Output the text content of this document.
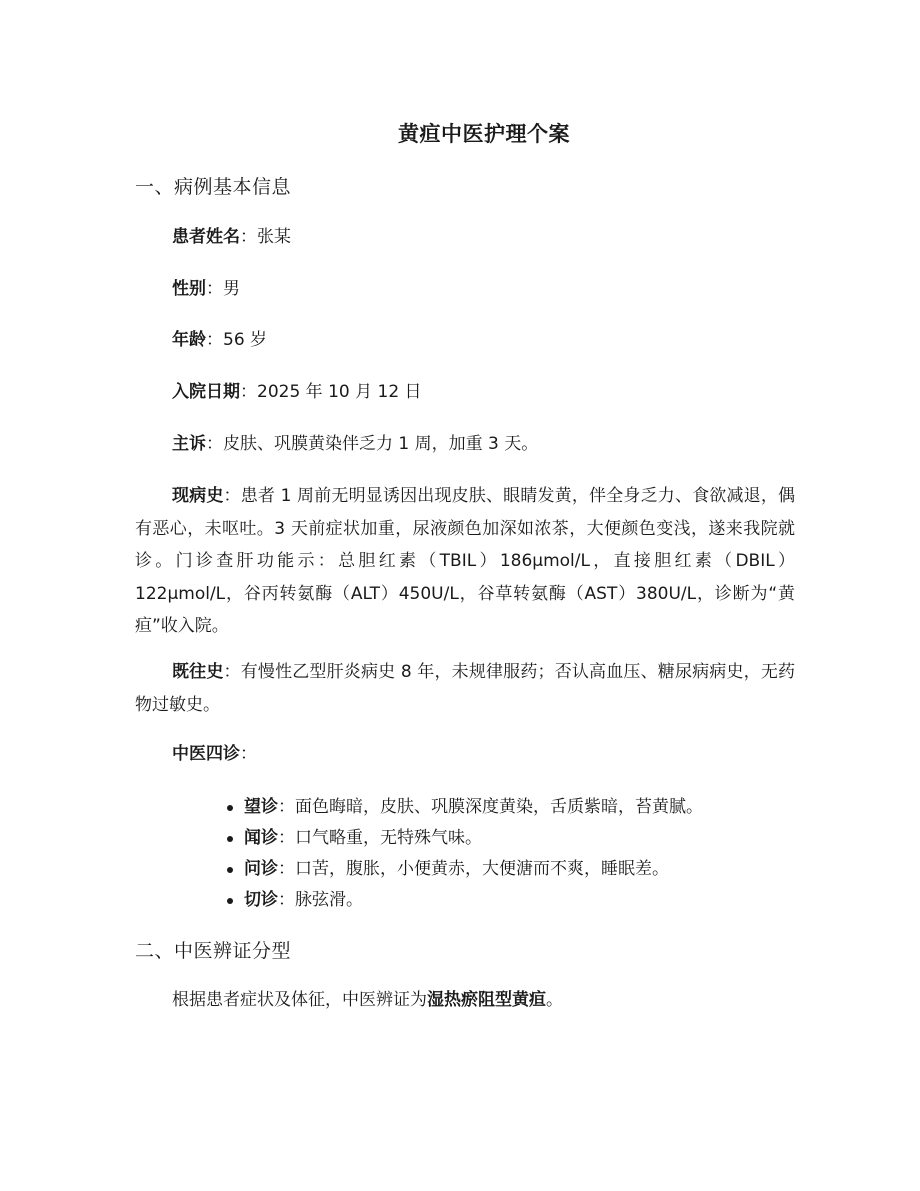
黄疸中医护理个案
一、病例基本信息
患者姓名：张某
性别：男
年龄：56 岁
入院日期：2025 年 10 月 12 日
主诉：皮肤、巩膜黄染伴乏力 1 周，加重 3 天。
现病史：患者 1 周前无明显诱因出现皮肤、眼睛发黄，伴全身乏力、食欲减退，偶有恶心，未呕吐。3 天前症状加重，尿液颜色加深如浓茶，大便颜色变浅，遂来我院就诊。门诊查肝功能示：总胆红素（TBIL）186μmol/L，直接胆红素（DBIL）122μmol/L，谷丙转氨酶（ALT）450U/L，谷草转氨酶（AST）380U/L，诊断为“黄疸”收入院。
既往史：有慢性乙型肝炎病史 8 年，未规律服药；否认高血压、糖尿病病史，无药物过敏史。
中医四诊：
望诊：面色晦暗，皮肤、巩膜深度黄染，舌质紫暗，苔黄腻。
闻诊：口气略重，无特殊气味。
问诊：口苦，腹胀，小便黄赤，大便溏而不爽，睡眠差。
切诊：脉弦滑。
二、中医辨证分型
根据患者症状及体征，中医辨证为湿热瘀阻型黄疸。
